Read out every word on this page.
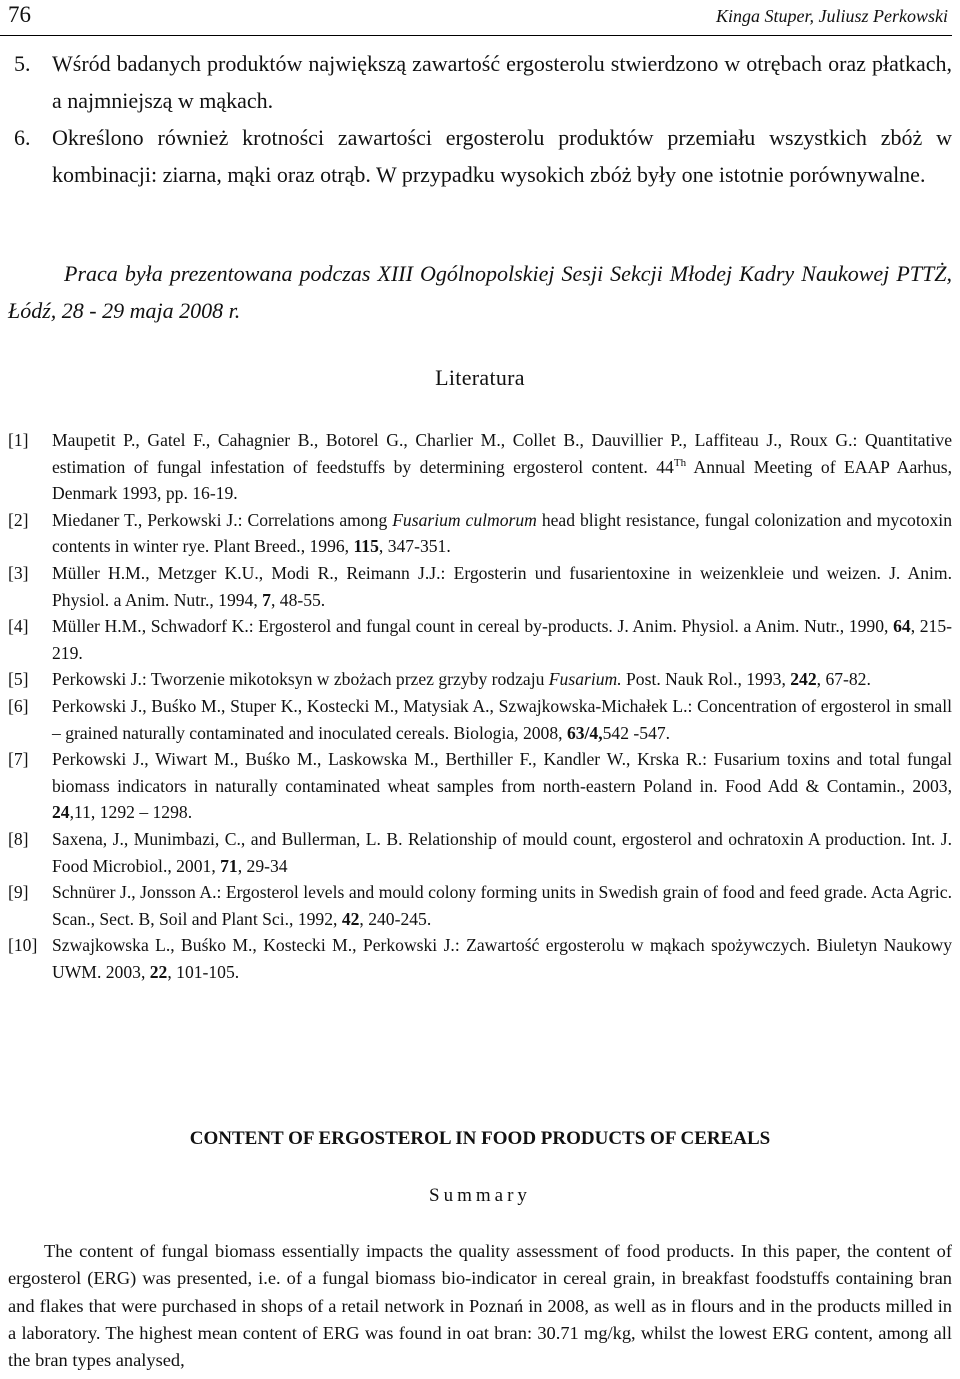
76	Kinga Stuper, Juliusz Perkowski
5. Wśród badanych produktów największą zawartość ergosterolu stwierdzono w otrębach oraz płatkach, a najmniejszą w mąkach.
6. Określono również krotności zawartości ergosterolu produktów przemiału wszystkich zbóż w kombinacji: ziarna, mąki oraz otrąb. W przypadku wysokich zbóż były one istotnie porównywalne.
Praca była prezentowana podczas XIII Ogólnopolskiej Sesji Sekcji Młodej Kadry Naukowej PTTŻ, Łódź, 28 - 29 maja 2008 r.
Literatura
[1] Maupetit P., Gatel F., Cahagnier B., Botorel G., Charlier M., Collet B., Dauvillier P., Laffiteau J., Roux G.: Quantitative estimation of fungal infestation of feedstuffs by determining ergosterol content. 44Th Annual Meeting of EAAP Aarhus, Denmark 1993, pp. 16-19.
[2] Miedaner T., Perkowski J.: Correlations among Fusarium culmorum head blight resistance, fungal colonization and mycotoxin contents in winter rye. Plant Breed., 1996, 115, 347-351.
[3] Müller H.M., Metzger K.U., Modi R., Reimann J.J.: Ergosterin und fusarientoxine in weizenkleie und weizen. J. Anim. Physiol. a Anim. Nutr., 1994, 7, 48-55.
[4] Müller H.M., Schwadorf K.: Ergosterol and fungal count in cereal by-products. J. Anim. Physiol. a Anim. Nutr., 1990, 64, 215-219.
[5] Perkowski J.: Tworzenie mikotoksyn w zbożach przez grzyby rodzaju Fusarium. Post. Nauk Rol., 1993, 242, 67-82.
[6] Perkowski J., Buśko M., Stuper K., Kostecki M., Matysiak A., Szwajkowska-Michałek L.: Concentration of ergosterol in small – grained naturally contaminated and inoculated cereals. Biologia, 2008, 63/4,542 -547.
[7] Perkowski J., Wiwart M., Buśko M., Laskowska M., Berthiller F., Kandler W., Krska R.: Fusarium toxins and total fungal biomass indicators in naturally contaminated wheat samples from north-eastern Poland in. Food Add & Contamin., 2003, 24,11, 1292 – 1298.
[8] Saxena, J., Munimbazi, C., and Bullerman, L. B. Relationship of mould count, ergosterol and ochratoxin A production. Int. J. Food Microbiol., 2001, 71, 29-34
[9] Schnürer J., Jonsson A.: Ergosterol levels and mould colony forming units in Swedish grain of food and feed grade. Acta Agric. Scan., Sect. B, Soil and Plant Sci., 1992, 42, 240-245.
[10] Szwajkowska L., Buśko M., Kostecki M., Perkowski J.: Zawartość ergosterolu w mąkach spożywczych. Biuletyn Naukowy UWM. 2003, 22, 101-105.
CONTENT OF ERGOSTEROL IN FOOD PRODUCTS OF CEREALS
Summary
The content of fungal biomass essentially impacts the quality assessment of food products. In this paper, the content of ergosterol (ERG) was presented, i.e. of a fungal biomass bio-indicator in cereal grain, in breakfast foodstuffs containing bran and flakes that were purchased in shops of a retail network in Poznań in 2008, as well as in flours and in the products milled in a laboratory. The highest mean content of ERG was found in oat bran: 30.71 mg/kg, whilst the lowest ERG content, among all the bran types analysed,
